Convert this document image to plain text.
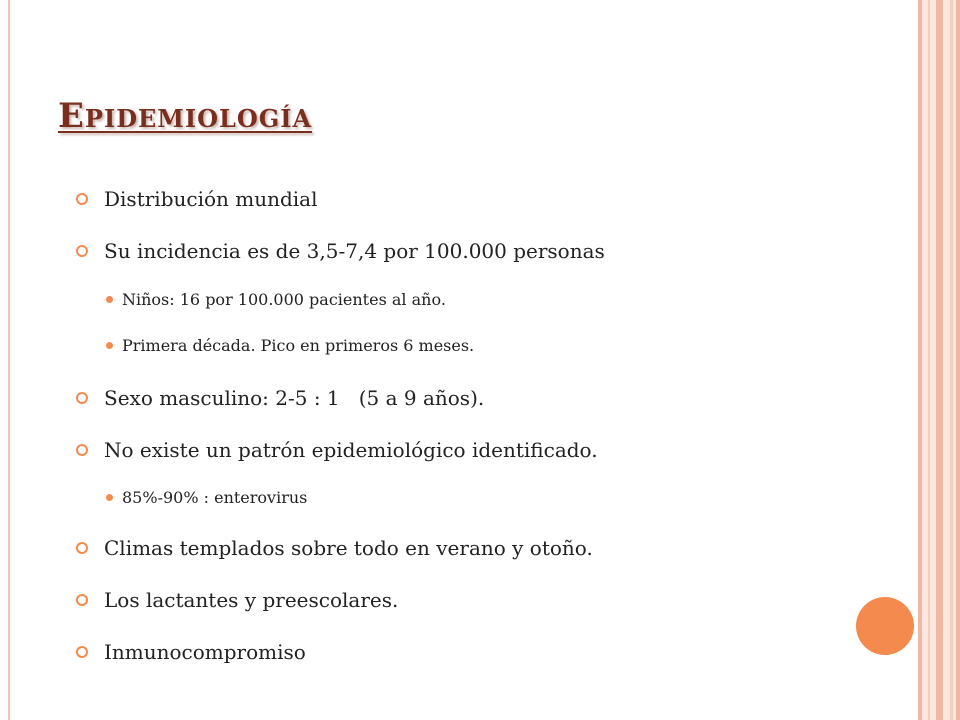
Epidemiología
Distribución mundial
Su incidencia es de 3,5-7,4 por 100.000 personas
Niños: 16 por 100.000 pacientes al año.
Primera década. Pico en primeros 6 meses.
Sexo masculino: 2-5 : 1   (5 a 9 años).
No existe un patrón epidemiológico identificado.
85%-90% : enterovirus
Climas templados sobre todo en verano y otoño.
Los lactantes y preescolares.
Inmunocompromiso
